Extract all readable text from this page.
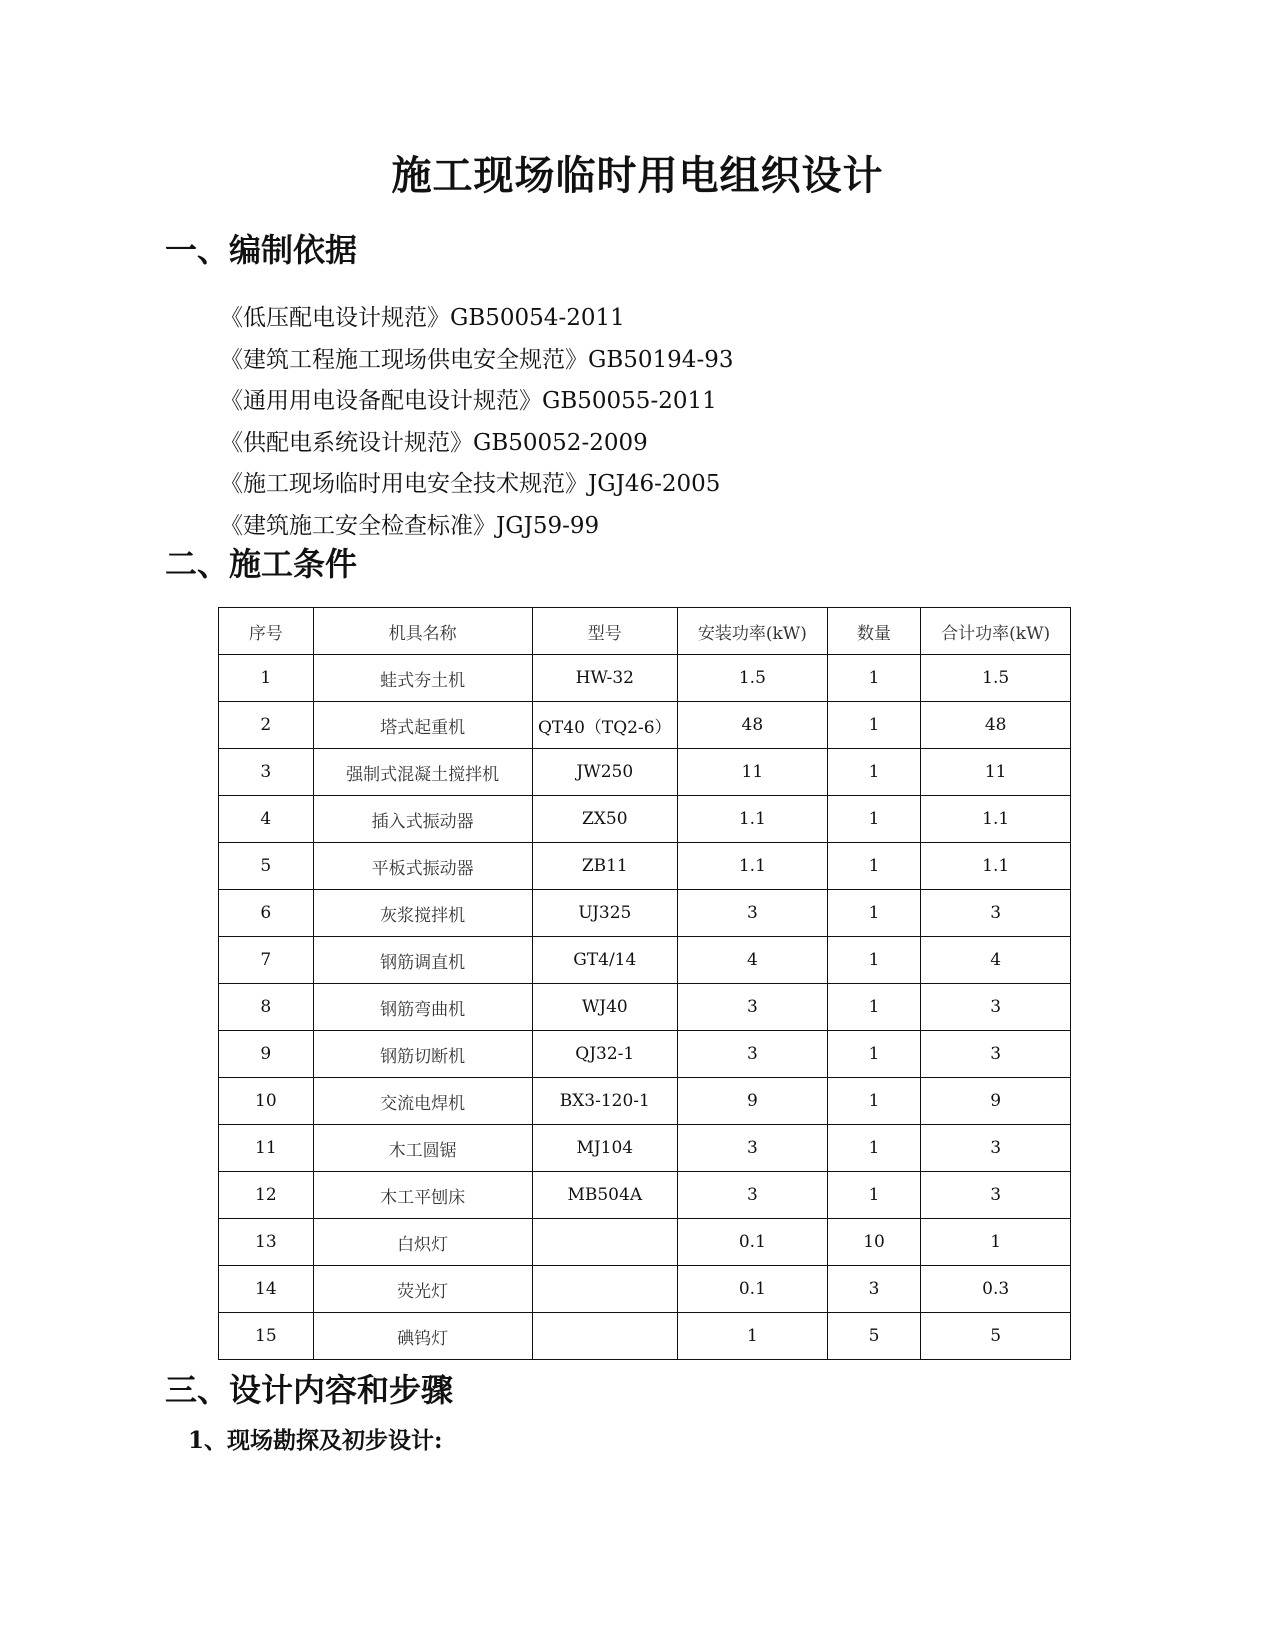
施工现场临时用电组织设计
一、编制依据
《低压配电设计规范》GB50054-2011
《建筑工程施工现场供电安全规范》GB50194-93
《通用用电设备配电设计规范》GB50055-2011
《供配电系统设计规范》GB50052-2009
《施工现场临时用电安全技术规范》JGJ46-2005
《建筑施工安全检查标准》JGJ59-99
二、施工条件
序号	机具名称	型号	安装功率(kW)	数量	合计功率(kW)
1	蛙式夯土机	HW-32	1.5	1	1.5
2	塔式起重机	QT40（TQ2-6）	48	1	48
3	强制式混凝土搅拌机	JW250	11	1	11
4	插入式振动器	ZX50	1.1	1	1.1
5	平板式振动器	ZB11	1.1	1	1.1
6	灰浆搅拌机	UJ325	3	1	3
7	钢筋调直机	GT4/14	4	1	4
8	钢筋弯曲机	WJ40	3	1	3
9	钢筋切断机	QJ32-1	3	1	3
10	交流电焊机	BX3-120-1	9	1	9
11	木工圆锯	MJ104	3	1	3
12	木工平刨床	MB504A	3	1	3
13	白炽灯		0.1	10	1
14	荧光灯		0.1	3	0.3
15	碘钨灯		1	5	5
三、设计内容和步骤
1、现场勘探及初步设计:
